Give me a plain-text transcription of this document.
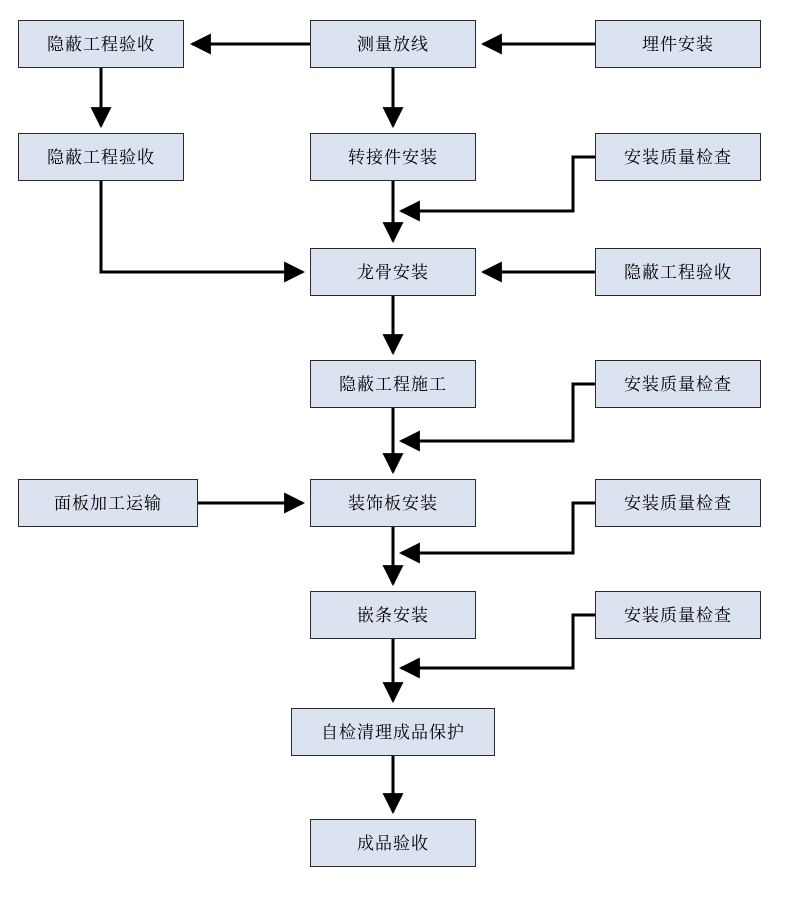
隐蔽工程验收	测量放线	埋件安装
隐蔽工程验收	转接件安装	安装质量检查
龙骨安装	隐蔽工程验收
隐蔽工程施工	安装质量检查
面板加工运输	装饰板安装	安装质量检查
嵌条安装	安装质量检查
自检清理成品保护
成品验收
